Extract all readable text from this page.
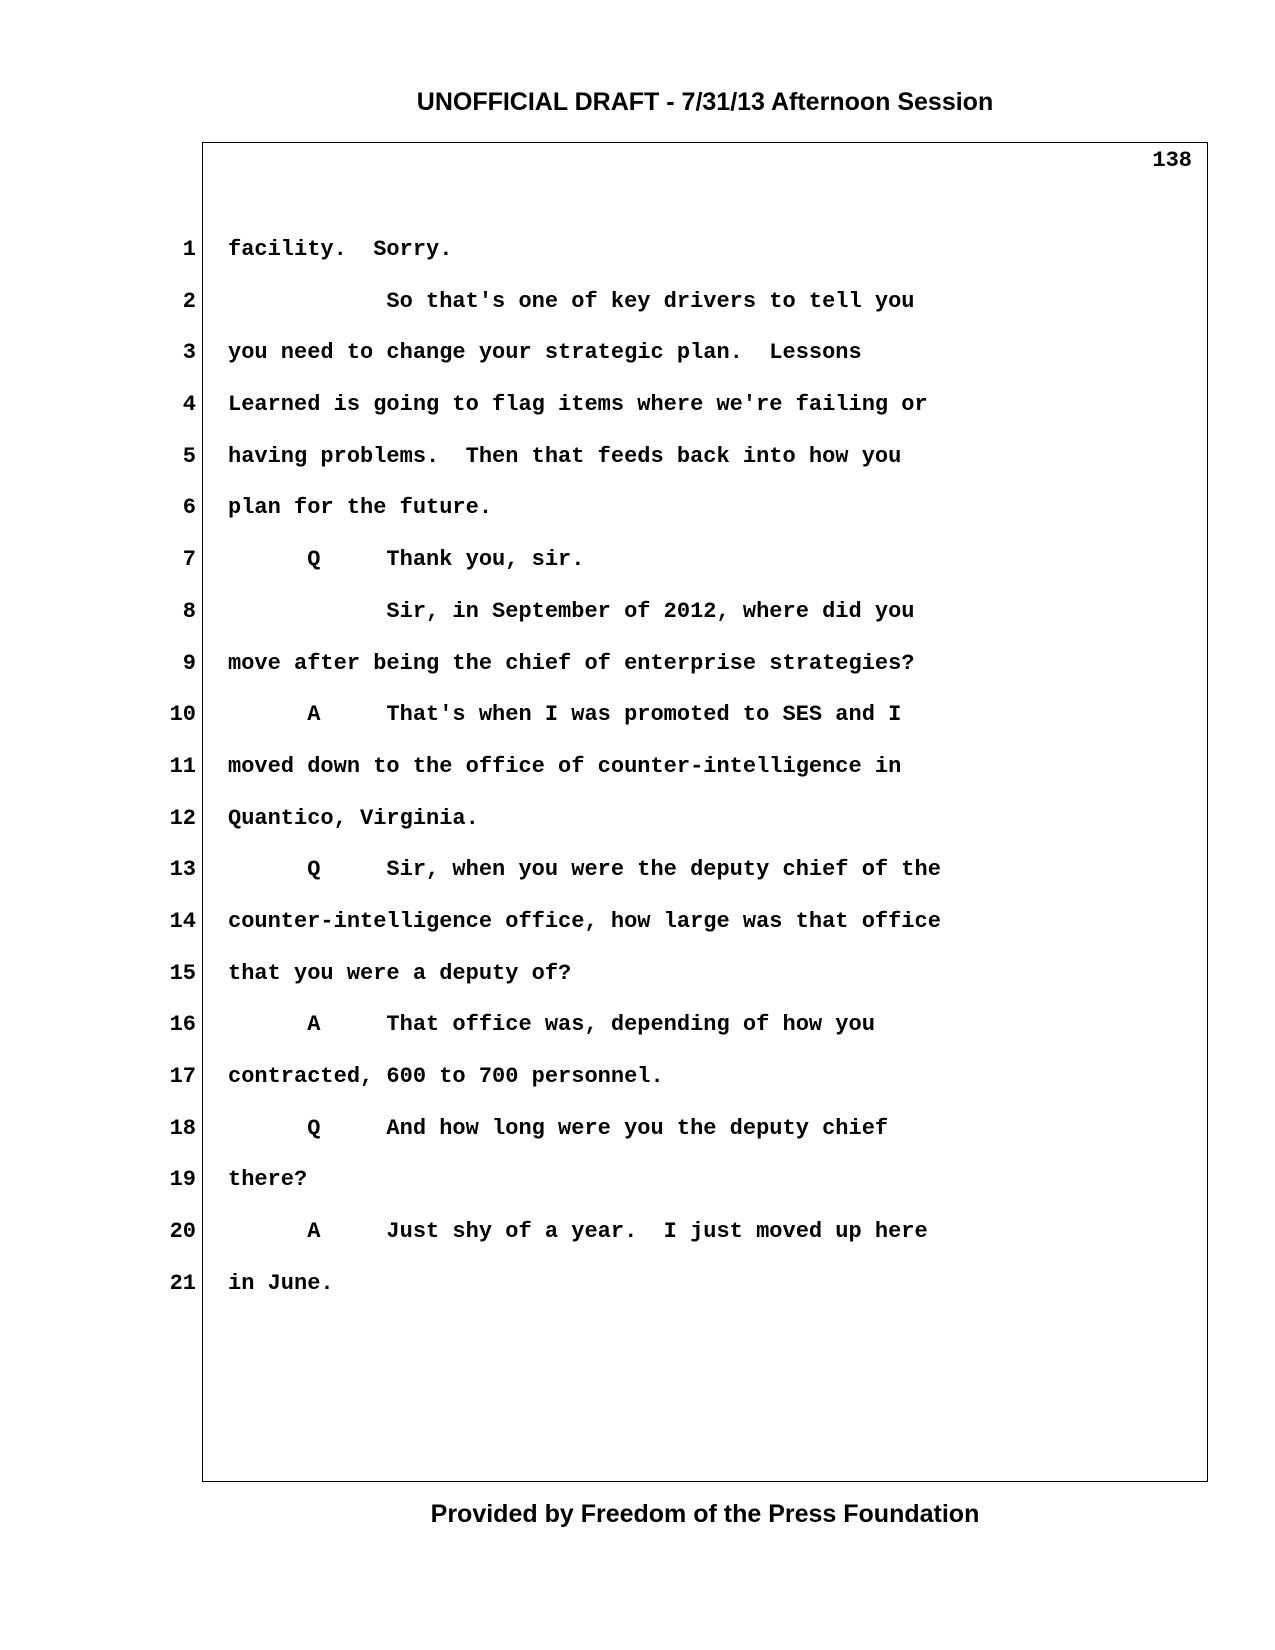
UNOFFICIAL DRAFT - 7/31/13 Afternoon Session
138
1 facility.  Sorry.
2 So that's one of key drivers to tell you
3 you need to change your strategic plan.  Lessons
4 Learned is going to flag items where we're failing or
5 having problems.  Then that feeds back into how you
6 plan for the future.
7 Q     Thank you, sir.
8 Sir, in September of 2012, where did you
9 move after being the chief of enterprise strategies?
10 A     That's when I was promoted to SES and I
11 moved down to the office of counter-intelligence in
12 Quantico, Virginia.
13 Q     Sir, when you were the deputy chief of the
14 counter-intelligence office, how large was that office
15 that you were a deputy of?
16 A     That office was, depending of how you
17 contracted, 600 to 700 personnel.
18 Q     And how long were you the deputy chief
19 there?
20 A     Just shy of a year.  I just moved up here
21 in June.
Provided by Freedom of the Press Foundation
